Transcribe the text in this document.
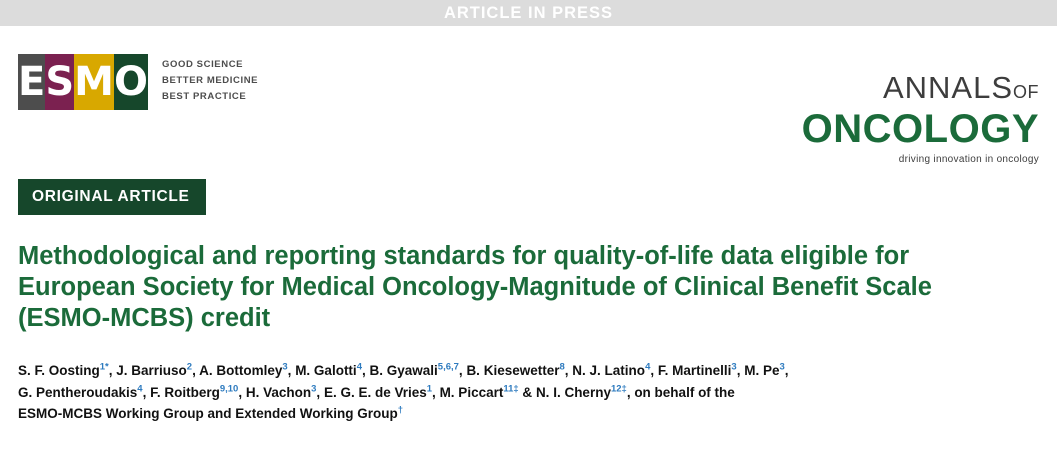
ARTICLE IN PRESS
E S M O GOOD SCIENCE
BETTER MEDICINE
BEST PRACTICE	ANNALSOF
ONCOLOGY
driving innovation in oncology
ORIGINAL ARTICLE
Methodological and reporting standards for quality-of-life data eligible for
European Society for Medical Oncology-Magnitude of Clinical Benefit Scale
(ESMO-MCBS) credit
S. F. Oosting$^{1*}$, J. Barriuso$^2$, A. Bottomley$^3$, M. Galotti$^4$, B. Gyawali$^{5,6,7}$, B. Kiesewetter$^8$, N. J. Latino$^4$, F. Martinelli$^3$, M. Pe$^3$,
G. Pentheroudakis$^4$, F. Roitberg$^{9,10}$, H. Vachon$^3$, E. G. E. de Vries$^1$, M. Piccart$^{11\ddagger}$ & N. I. Cherny$^{12\ddagger}$, on behalf of the
ESMO-MCBS Working Group and Extended Working Group†
